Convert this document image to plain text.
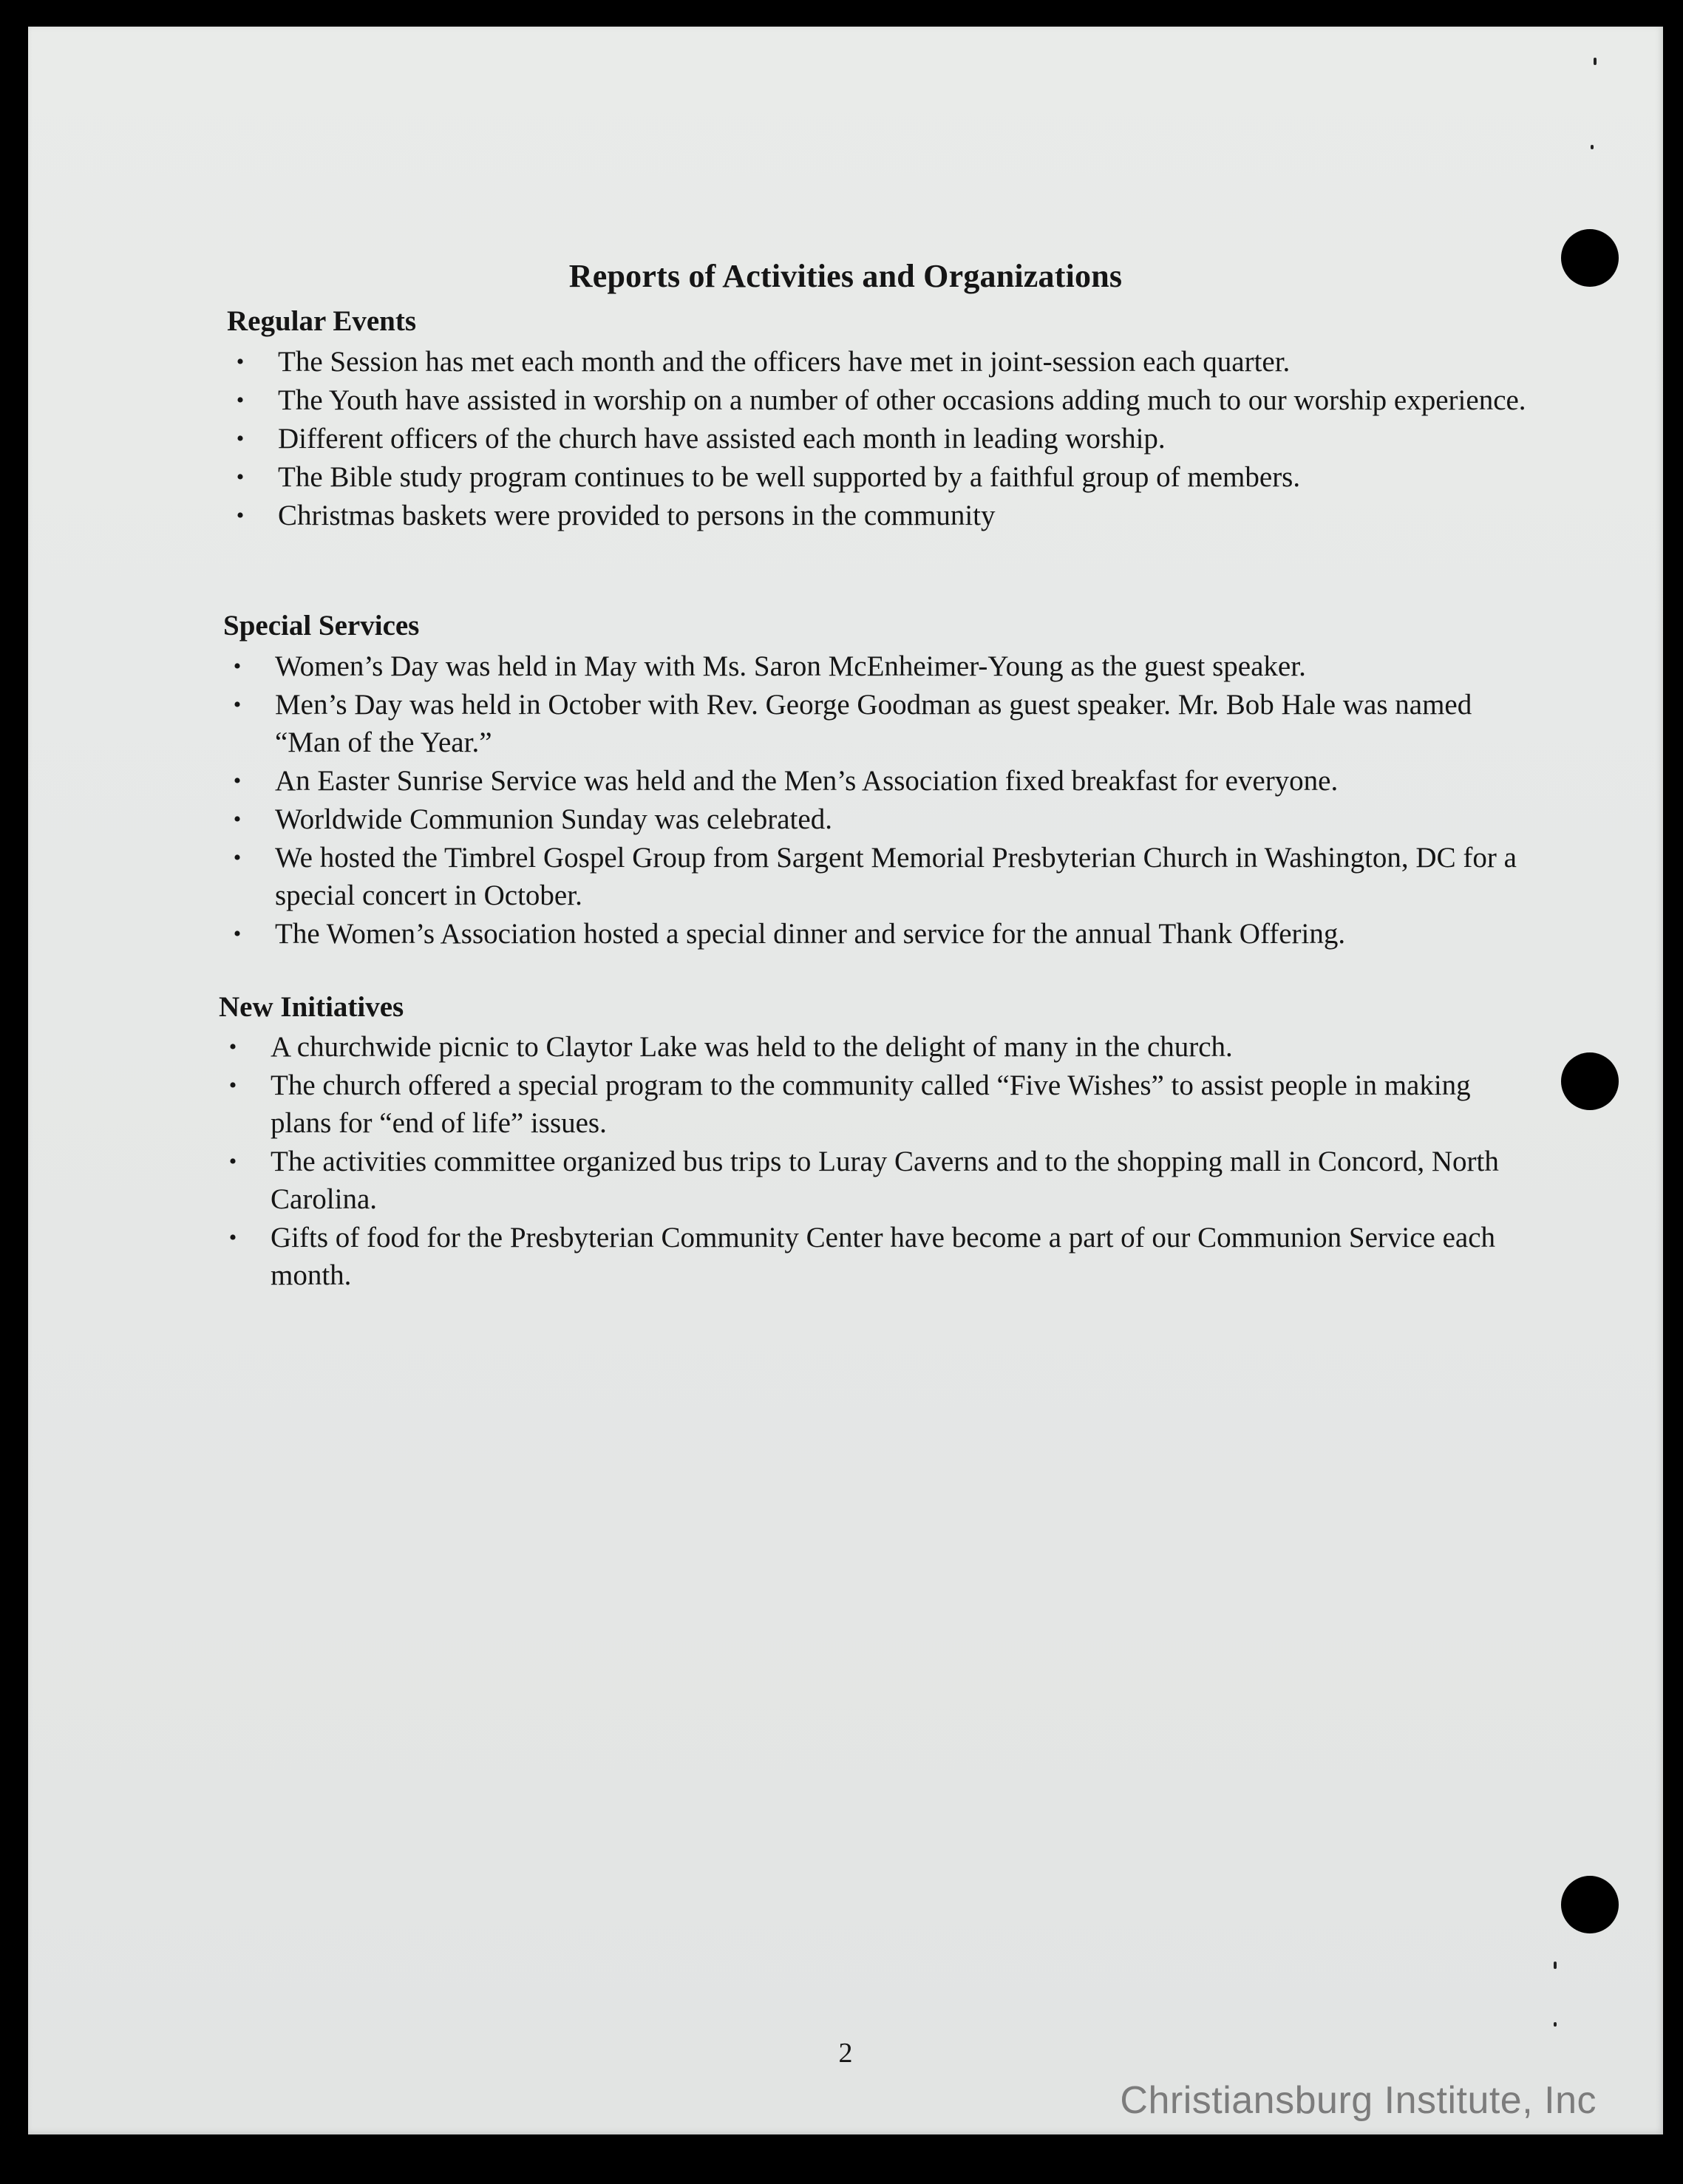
Reports of Activities and Organizations
Regular Events
• The Session has met each month and the officers have met in joint-session each quarter.
• The Youth have assisted in worship on a number of other occasions adding much to our worship experience.
• Different officers of the church have assisted each month in leading worship.
• The Bible study program continues to be well supported by a faithful group of members.
• Christmas baskets were provided to persons in the community
Special Services
• Women’s Day was held in May with Ms. Saron McEnheimer-Young as the guest speaker.
• Men’s Day was held in October with Rev. George Goodman as guest speaker. Mr. Bob Hale was named “Man of the Year.”
• An Easter Sunrise Service was held and the Men’s Association fixed breakfast for everyone.
• Worldwide Communion Sunday was celebrated.
• We hosted the Timbrel Gospel Group from Sargent Memorial Presbyterian Church in Washington, DC for a special concert in October.
• The Women’s Association hosted a special dinner and service for the annual Thank Offering.
New Initiatives
• A churchwide picnic to Claytor Lake was held to the delight of many in the church.
• The church offered a special program to the community called “Five Wishes” to assist people in making plans for “end of life” issues.
• The activities committee organized bus trips to Luray Caverns and to the shopping mall in Concord, North Carolina.
• Gifts of food for the Presbyterian Community Center have become a part of our Communion Service each month.
2
Christiansburg Institute, Inc
